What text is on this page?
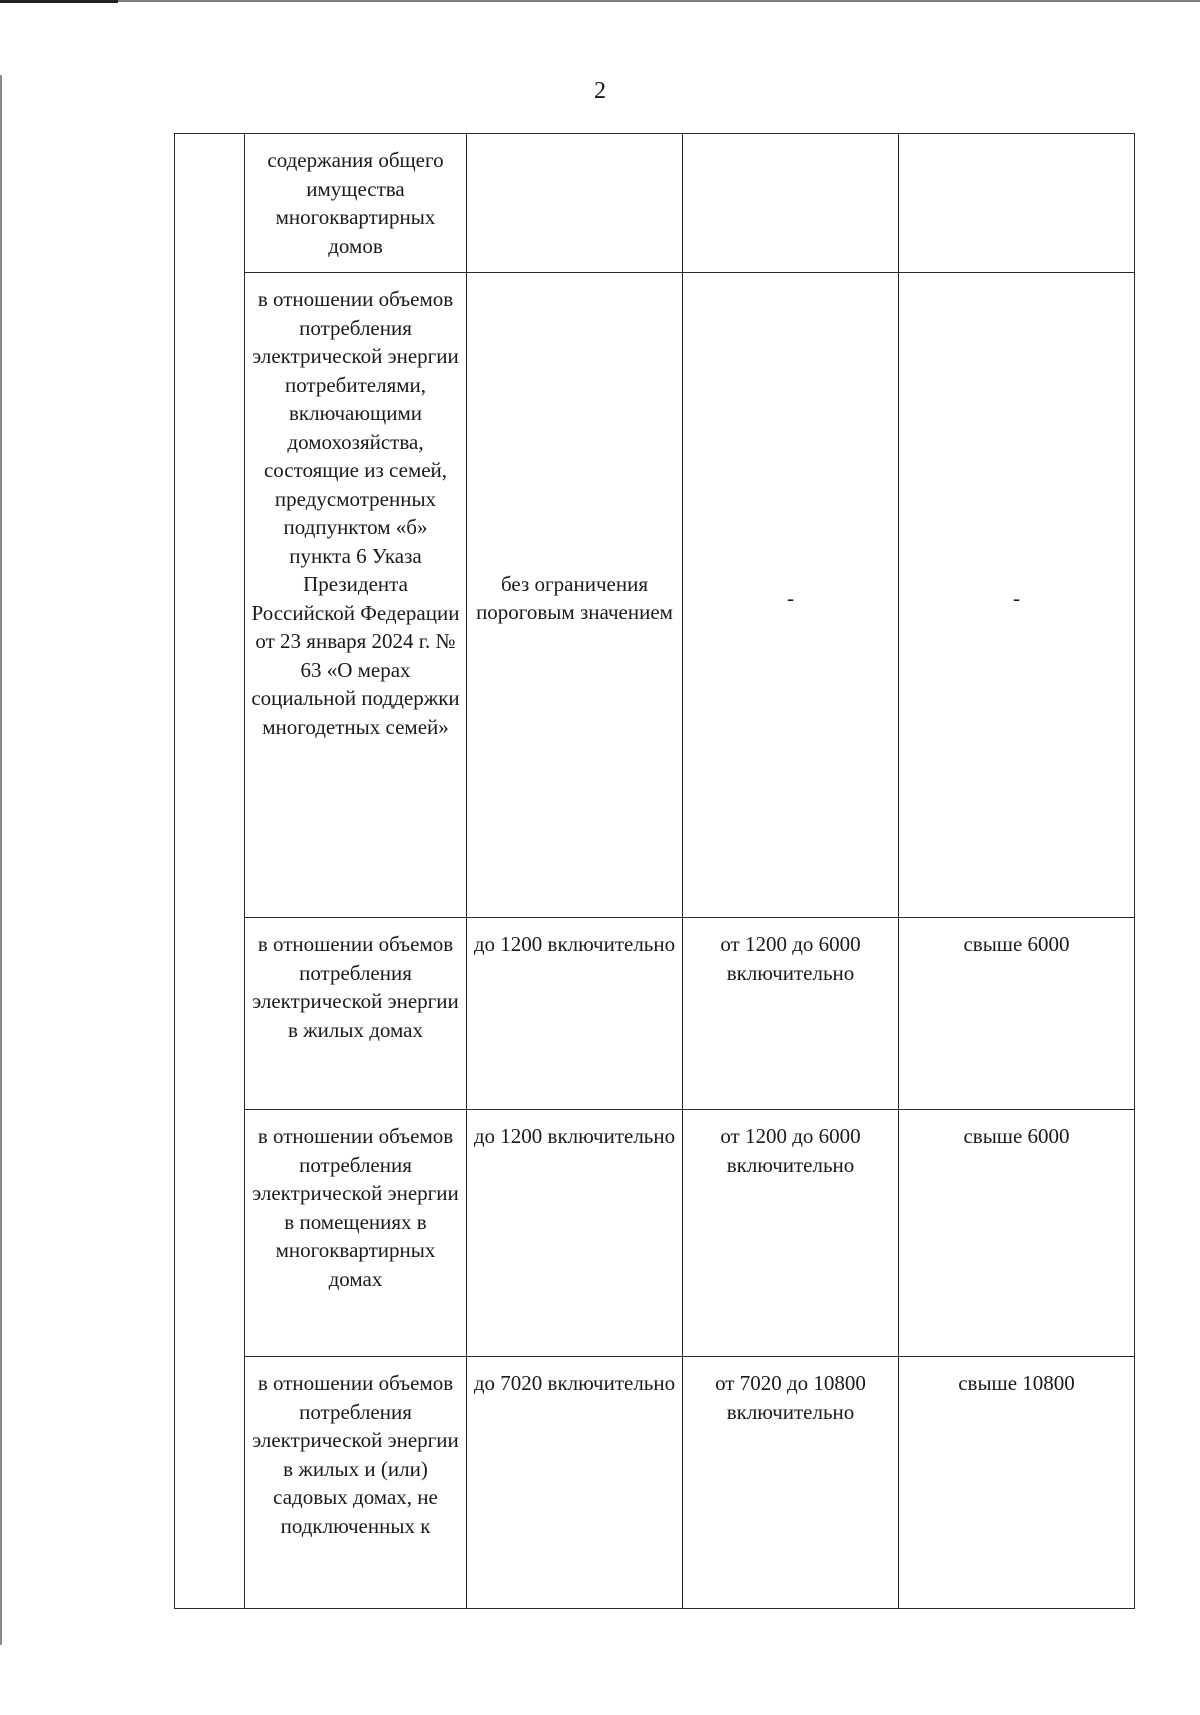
2
	содержания общего имущества многоквартирных домов			
	в отношении объемов потребления электрической энергии потребителями, включающими домохозяйства, состоящие из семей, предусмотренных подпунктом «б» пункта 6 Указа Президента Российской Федерации от 23 января 2024 г. № 63 «О мерах социальной поддержки многодетных семей»	без ограничения пороговым значением	-	-
	в отношении объемов потребления электрической энергии в жилых домах	до 1200 включительно	от 1200 до 6000 включительно	свыше 6000
	в отношении объемов потребления электрической энергии в помещениях в многоквартирных домах	до 1200 включительно	от 1200 до 6000 включительно	свыше 6000
	в отношении объемов потребления электрической энергии в жилых и (или) садовых домах, не подключенных к	до 7020 включительно	от 7020 до 10800 включительно	свыше 10800
